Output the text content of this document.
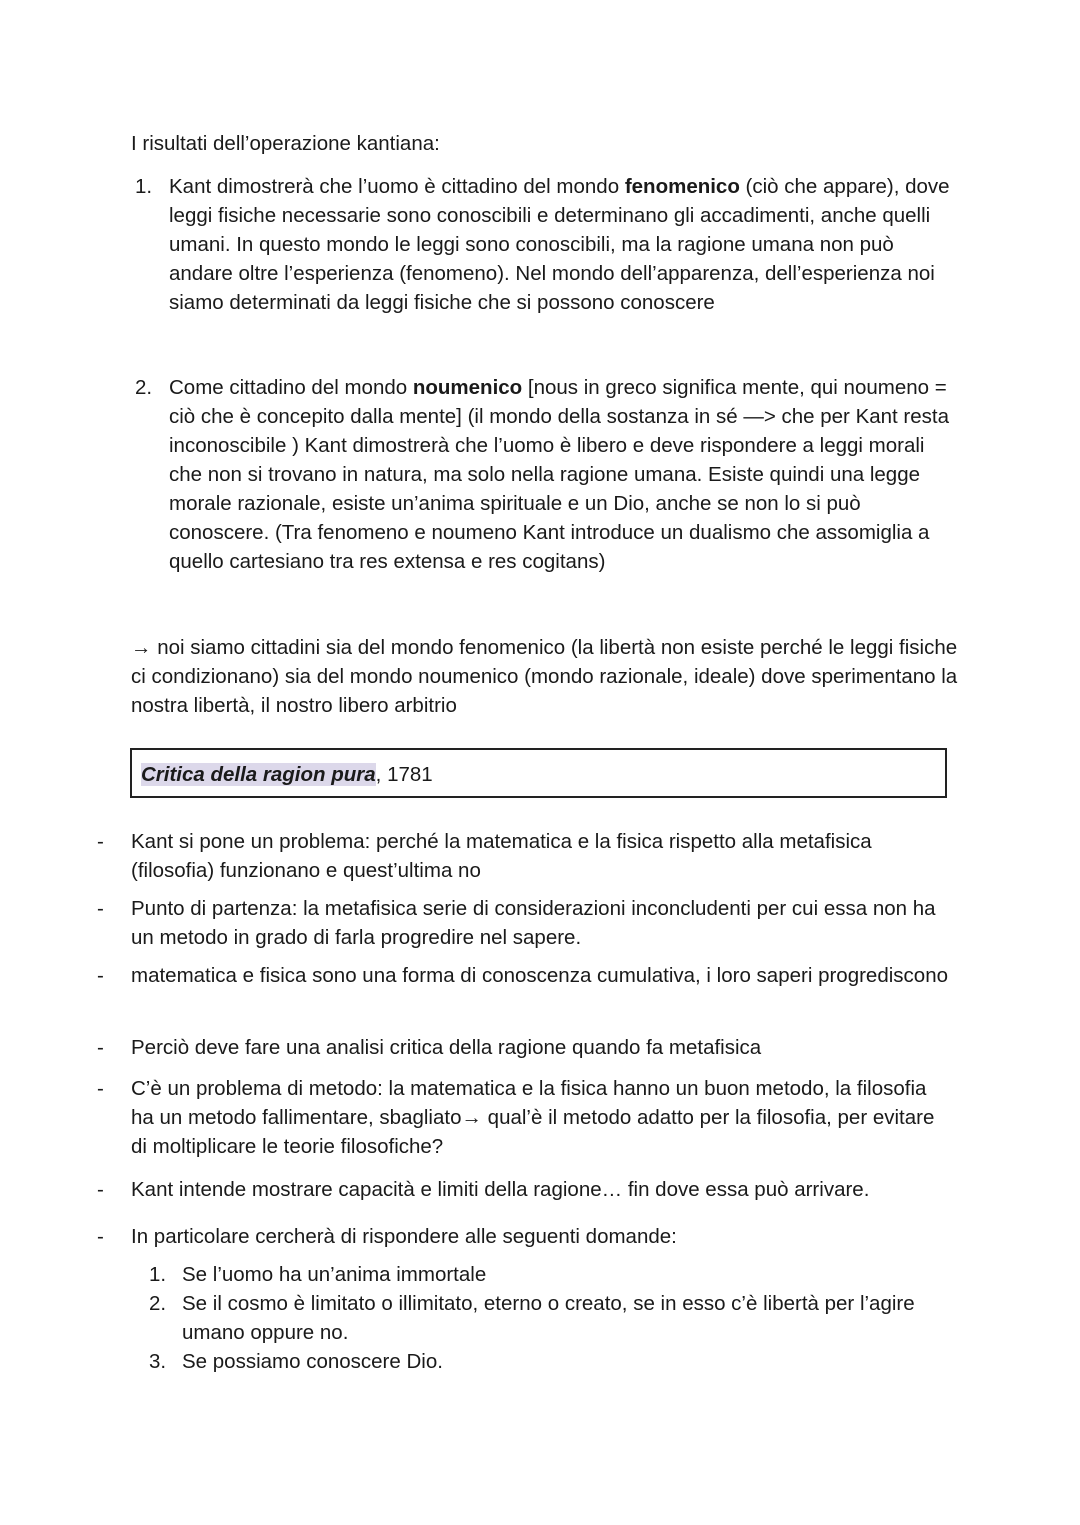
I risultati dell’operazione kantiana:
1. Kant dimostrerà che l’uomo è cittadino del mondo fenomenico (ciò che appare), dove leggi fisiche necessarie sono conoscibili e determinano gli accadimenti, anche quelli umani. In questo mondo le leggi sono conoscibili, ma la ragione umana non può andare oltre l’esperienza (fenomeno). Nel mondo dell’apparenza, dell’esperienza noi siamo determinati da leggi fisiche che si possono conoscere
2. Come cittadino del mondo noumenico [nous in greco significa mente, qui noumeno = ciò che è concepito dalla mente] (il mondo della sostanza in sé —> che per Kant resta inconoscibile ) Kant dimostrerà che l’uomo è libero e deve rispondere a leggi morali che non si trovano in natura, ma solo nella ragione umana. Esiste quindi una legge morale razionale, esiste un’anima spirituale e un Dio, anche se non lo si può conoscere. (Tra fenomeno e noumeno Kant introduce un dualismo che assomiglia a quello cartesiano tra res extensa e res cogitans)
→ noi siamo cittadini sia del mondo fenomenico (la libertà non esiste perché le leggi fisiche ci condizionano) sia del mondo noumenico (mondo razionale, ideale) dove sperimentano la nostra libertà, il nostro libero arbitrio
Critica della ragion pura, 1781
- Kant si pone un problema: perché la matematica e la fisica rispetto alla metafisica (filosofia) funzionano e quest’ultima no
- Punto di partenza: la metafisica serie di considerazioni inconcludenti per cui essa non ha un metodo in grado di farla progredire nel sapere.
- matematica e fisica sono una forma di conoscenza cumulativa, i loro saperi progrediscono
- Perciò deve fare una analisi critica della ragione quando fa metafisica
- C’è un problema di metodo: la matematica e la fisica hanno un buon metodo, la filosofia ha un metodo fallimentare, sbagliato→ qual’è il metodo adatto per la filosofia, per evitare di moltiplicare le teorie filosofiche?
- Kant intende mostrare capacità e limiti della ragione… fin dove essa può arrivare.
- In particolare cercherà di rispondere alle seguenti domande:
1. Se l’uomo ha un’anima immortale
2. Se il cosmo è limitato o illimitato, eterno o creato, se in esso c’è libertà per l’agire umano oppure no.
3. Se possiamo conoscere Dio.
